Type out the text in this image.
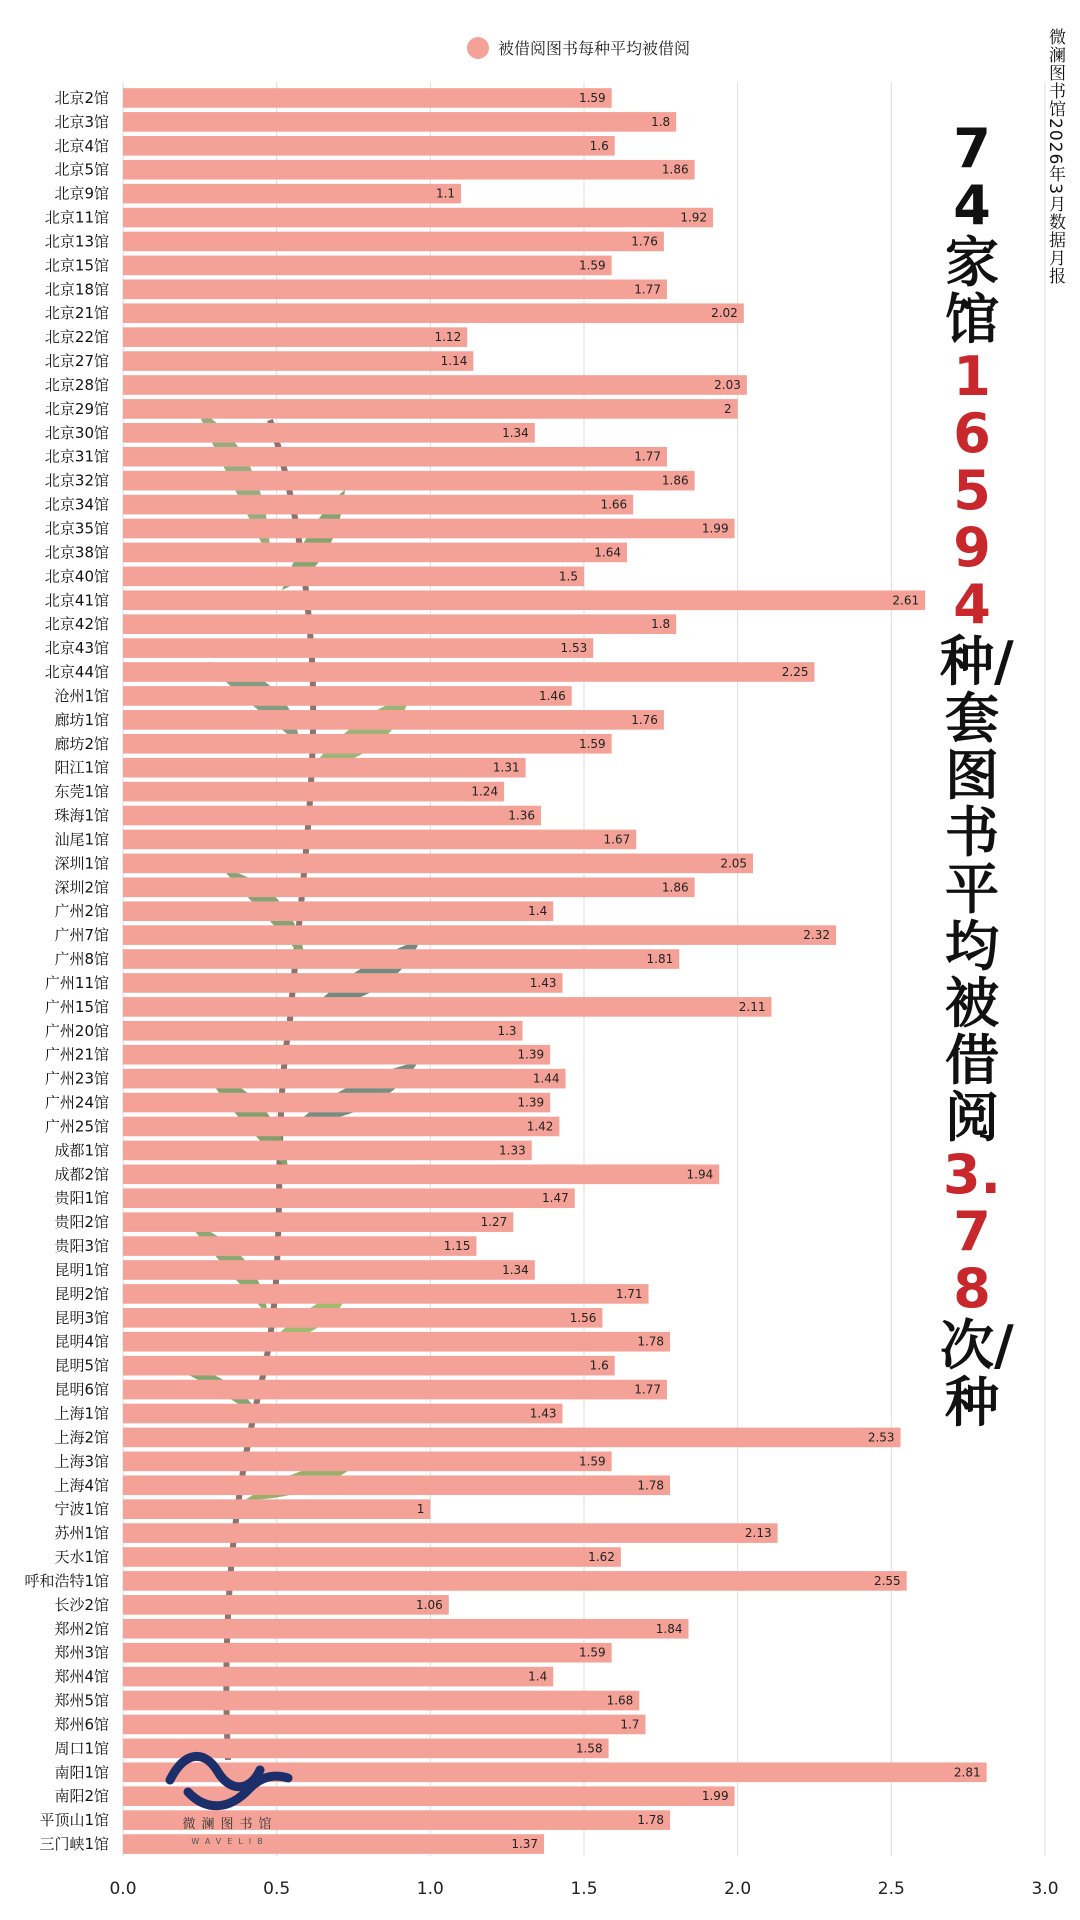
被借阅图书每种平均被借阅
北京2馆	1.59
北京3馆	1.8
北京4馆	1.6
北京5馆	1.86
北京9馆	1.1
北京11馆	1.92
北京13馆	1.76
北京15馆	1.59
北京18馆	1.77
北京21馆	2.02
北京22馆	1.12
北京27馆	1.14
北京28馆	2.03
北京29馆	2
北京30馆	1.34
北京31馆	1.77
北京32馆	1.86
北京34馆	1.66
北京35馆	1.99
北京38馆	1.64
北京40馆	1.5
北京41馆	2.61
北京42馆	1.8
北京43馆	1.53
北京44馆	2.25
沧州1馆	1.46
廊坊1馆	1.76
廊坊2馆	1.59
阳江1馆	1.31
东莞1馆	1.24
珠海1馆	1.36
汕尾1馆	1.67
深圳1馆	2.05
深圳2馆	1.86
广州2馆	1.4
广州7馆	2.32
广州8馆	1.81
广州11馆	1.43
广州15馆	2.11
广州20馆	1.3
广州21馆	1.39
广州23馆	1.44
广州24馆	1.39
广州25馆	1.42
成都1馆	1.33
成都2馆	1.94
贵阳1馆	1.47
贵阳2馆	1.27
贵阳3馆	1.15
昆明1馆	1.34
昆明2馆	1.71
昆明3馆	1.56
昆明4馆	1.78
昆明5馆	1.6
昆明6馆	1.77
上海1馆	1.43
上海2馆	2.53
上海3馆	1.59
上海4馆	1.78
宁波1馆	1
苏州1馆	2.13
天水1馆	1.62
呼和浩特1馆	2.55
长沙2馆	1.06
郑州2馆	1.84
郑州3馆	1.59
郑州4馆	1.4
郑州5馆	1.68
郑州6馆	1.7
周口1馆	1.58
南阳1馆	2.81
南阳2馆	1.99
平顶山1馆	1.78
三门峡1馆	1.37
0.0	0.5	1.0	1.5	2.0	2.5	3.0
74家馆16 5 94种/套图书平均被借阅3. 7 8次/种
微澜图书馆2026年3月数据月报
微澜图书馆
WAVELIB
